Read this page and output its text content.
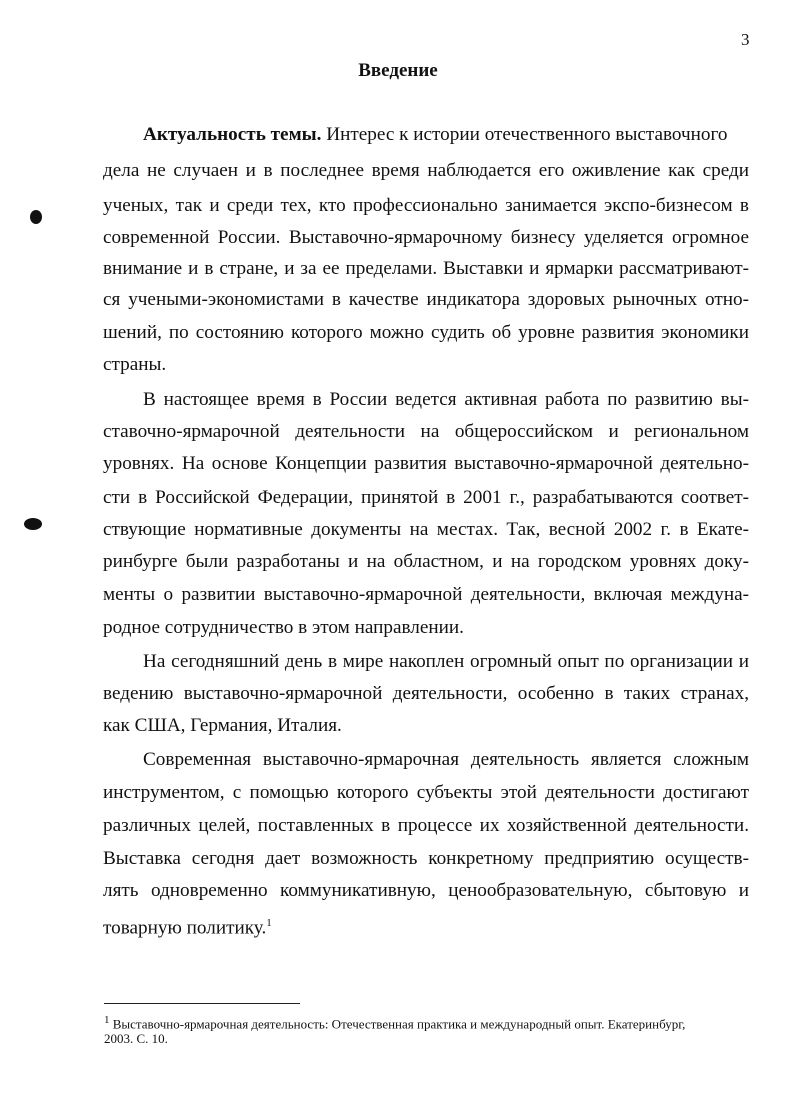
3
Введение
Актуальность темы. Интерес к истории отечественного выставочного
дела не случаен и в последнее время наблюдается его оживление как среди
ученых, так и среди тех, кто профессионально занимается экспо-бизнесом в
современной России. Выставочно-ярмарочному бизнесу уделяется огромное
внимание и в стране, и за ее пределами. Выставки и ярмарки рассматривают-
ся учеными-экономистами в качестве индикатора здоровых рыночных отно-
шений, по состоянию которого можно судить об уровне развития экономики
страны.
В настоящее время в России ведется активная работа по развитию вы-
ставочно-ярмарочной деятельности на общероссийском и региональном
уровнях. На основе Концепции развития выставочно-ярмарочной деятельно-
сти в Российской Федерации, принятой в 2001 г., разрабатываются соответ-
ствующие нормативные документы на местах. Так, весной 2002 г. в Екате-
ринбурге были разработаны и на областном, и на городском уровнях доку-
менты о развитии выставочно-ярмарочной деятельности, включая междуна-
родное сотрудничество в этом направлении.
На сегодняшний день в мире накоплен огромный опыт по организации и
ведению выставочно-ярмарочной деятельности, особенно в таких странах,
как США, Германия, Италия.
Современная выставочно-ярмарочная деятельность является сложным
инструментом, с помощью которого субъекты этой деятельности достигают
различных целей, поставленных в процессе их хозяйственной деятельности.
Выставка сегодня дает возможность конкретному предприятию осуществ-
лять одновременно коммуникативную, ценообразовательную, сбытовую и
товарную политику.$^1$
$^1$ Выставочно-ярмарочная деятельность: Отечественная практика и международный опыт. Екатеринбург,
2003. С. 10.
